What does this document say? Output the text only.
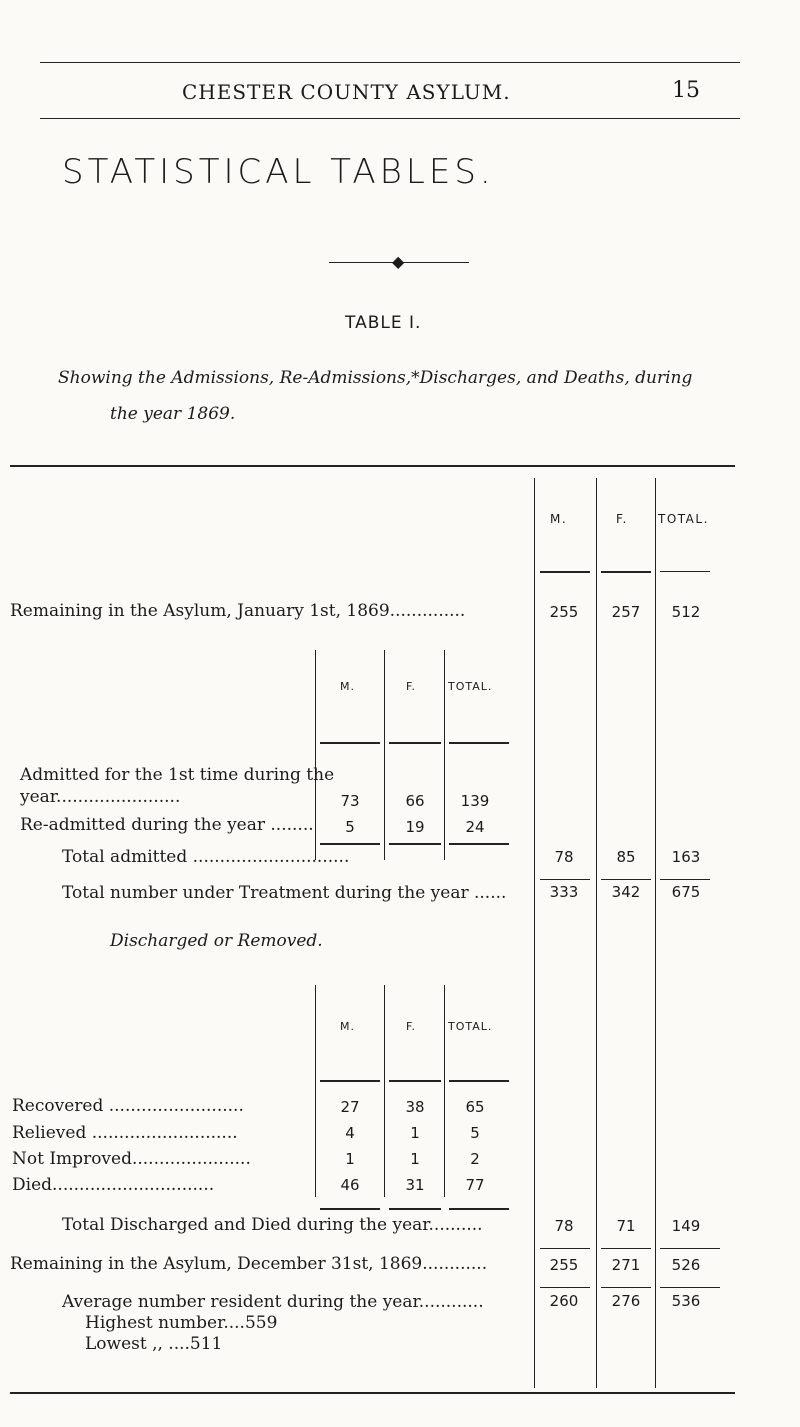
CHESTER COUNTY ASYLUM.	15
STATISTICAL TABLES.
◆
TABLE I.
Showing the Admissions, Re-Admissions,*Discharges, and Deaths, during
the year 1869.
M.	F.	TOTAL.
Remaining in the Asylum, January 1st, 1869..............	255	257	512
M.	F.	TOTAL.
Admitted for the 1st time during the
year.......................	73	66	139
Re-admitted during the year ........	5	19	24
Total admitted .............................	78	85	163
Total number under Treatment during the year ......	333	342	675
Discharged or Removed.
M.	F.	TOTAL.
Recovered .........................	27	38	65
Relieved ...........................	4	1	5
Not Improved......................	1	1	2
Died..............................	46	31	77
Total Discharged and Died during the year..........	78	71	149
Remaining in the Asylum, December 31st, 1869............	255	271	526
Average number resident during the year............	260	276	536
Highest number....559
Lowest ,, ....511
